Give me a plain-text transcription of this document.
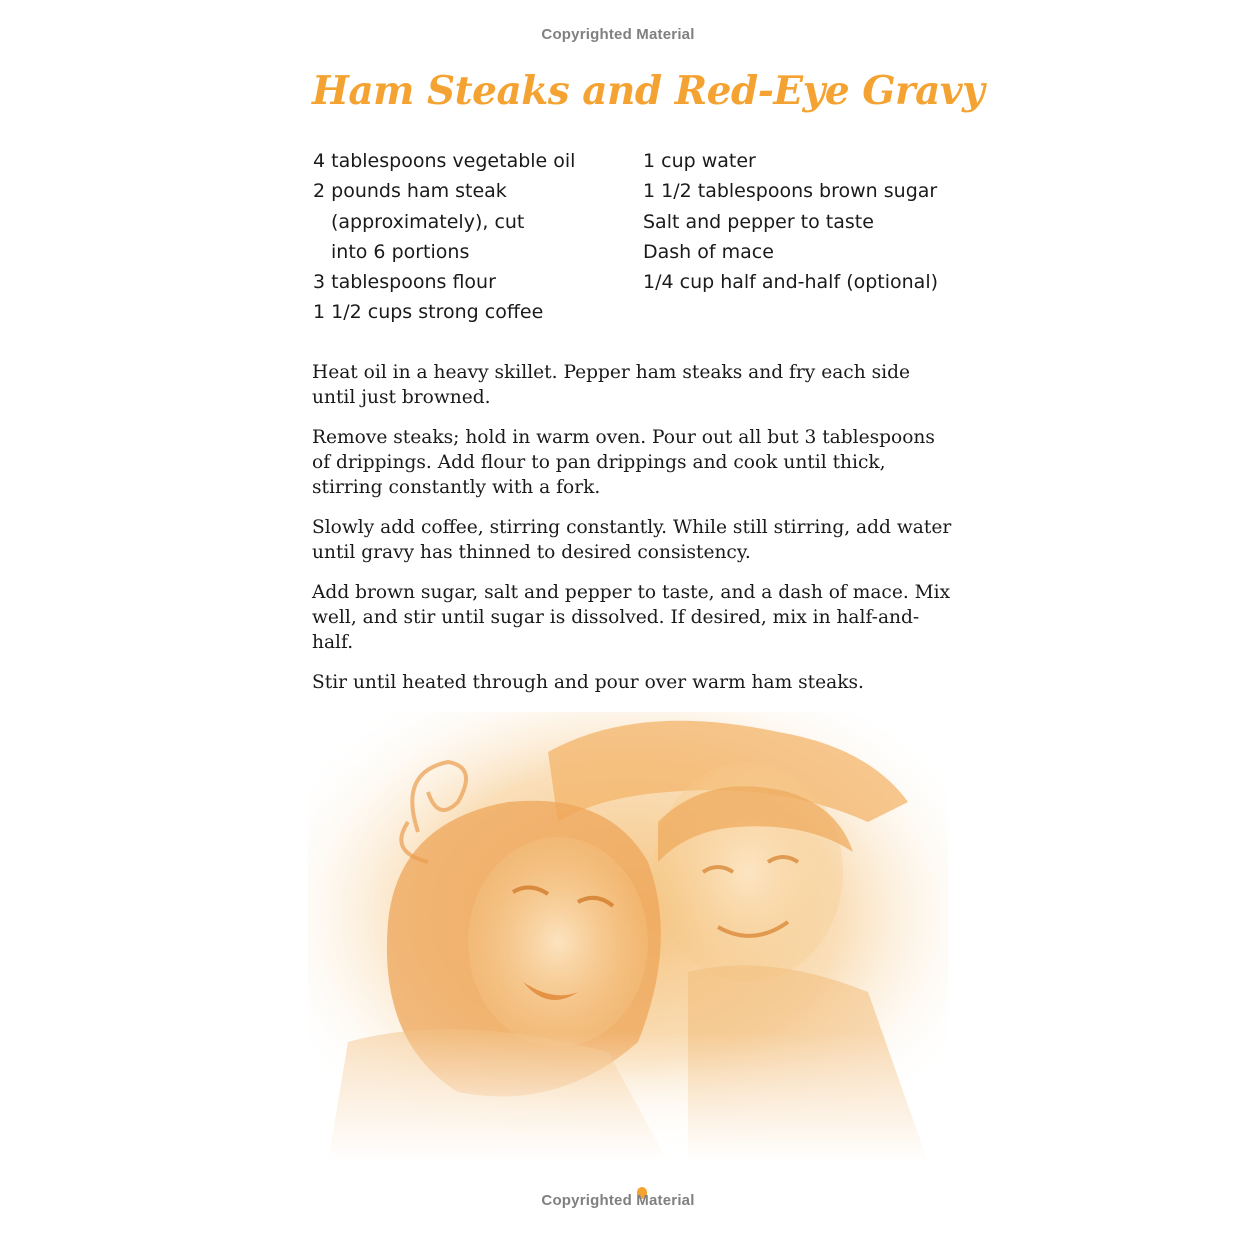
Copyrighted Material
Ham Steaks and Red-Eye Gravy
4 tablespoons vegetable oil
2 pounds ham steak
(approximately), cut
into 6 portions
3 tablespoons flour
1 1/2 cups strong coffee
1 cup water
1 1/2 tablespoons brown sugar
Salt and pepper to taste
Dash of mace
1/4 cup half and-half (optional)

Heat oil in a heavy skillet. Pepper ham steaks and fry each side until just browned.

Remove steaks; hold in warm oven. Pour out all but 3 tablespoons of drippings. Add flour to pan drippings and cook until thick, stirring constantly with a fork.

Slowly add coffee, stirring constantly. While still stirring, add water until gravy has thinned to desired consistency.

Add brown sugar, salt and pepper to taste, and a dash of mace. Mix well, and stir until sugar is dissolved. If desired, mix in half-and-half.

Stir until heated through and pour over warm ham steaks.

Copyrighted Material
